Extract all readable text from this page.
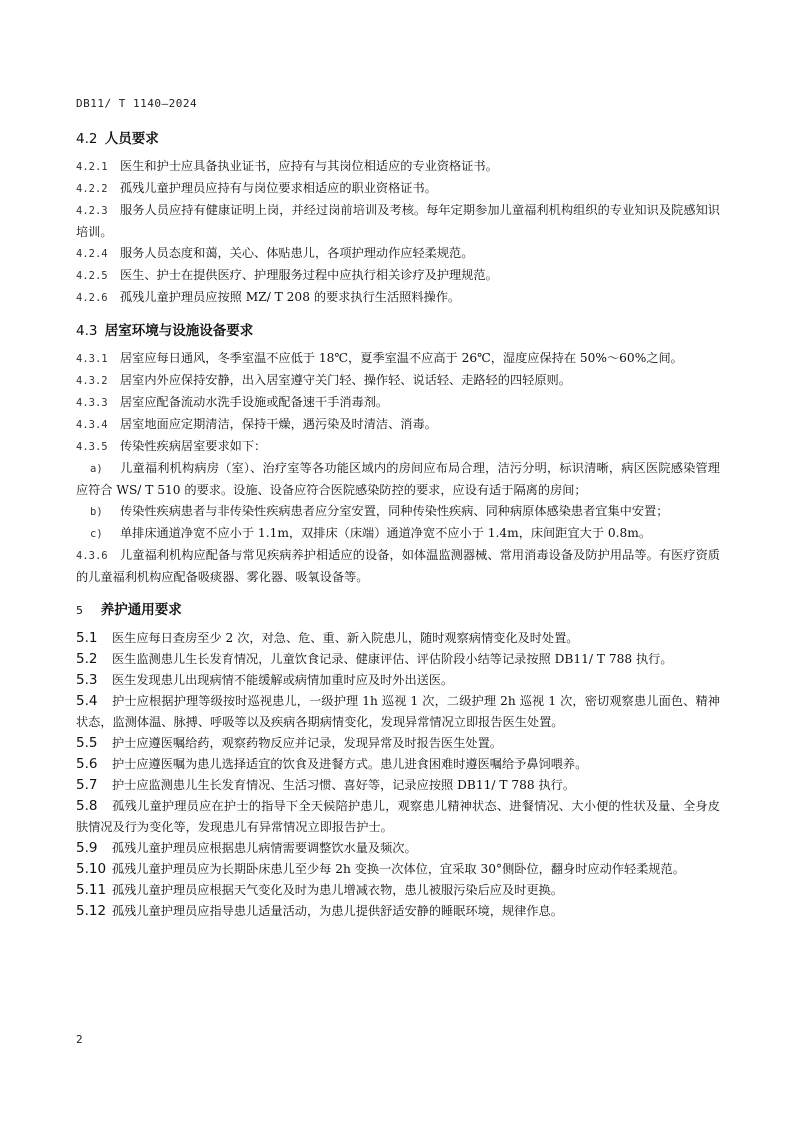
DB11/ T 1140—2024

4.2 人员要求

4.2.1 医生和护士应具备执业证书，应持有与其岗位相适应的专业资格证书。

4.2.2 孤残儿童护理员应持有与岗位要求相适应的职业资格证书。

4.2.3 服务人员应持有健康证明上岗，并经过岗前培训及考核。每年定期参加儿童福利机构组织的专业知识及院感知识培训。

4.2.4 服务人员态度和蔼，关心、体贴患儿，各项护理动作应轻柔规范。

4.2.5 医生、护士在提供医疗、护理服务过程中应执行相关诊疗及护理规范。

4.2.6 孤残儿童护理员应按照 MZ/ T 208 的要求执行生活照料操作。

4.3 居室环境与设施设备要求

4.3.1 居室应每日通风，冬季室温不应低于 18℃，夏季室温不应高于 26℃，湿度应保持在 50%～60%之间。

4.3.2 居室内外应保持安静，出入居室遵守关门轻、操作轻、说话轻、走路轻的四轻原则。

4.3.3 居室应配备流动水洗手设施或配备速干手消毒剂。

4.3.4 居室地面应定期清洁，保持干燥，遇污染及时清洁、消毒。

4.3.5 传染性疾病居室要求如下：

a) 儿童福利机构病房（室）、治疗室等各功能区域内的房间应布局合理，洁污分明，标识清晰，病区医院感染管理应符合 WS/ T 510 的要求。设施、设备应符合医院感染防控的要求，应设有适于隔离的房间；

b) 传染性疾病患者与非传染性疾病患者应分室安置，同种传染性疾病、同种病原体感染患者宜集中安置；

c) 单排床通道净宽不应小于 1.1m，双排床（床端）通道净宽不应小于 1.4m，床间距宜大于 0.8m。

4.3.6 儿童福利机构应配备与常见疾病养护相适应的设备，如体温监测器械、常用消毒设备及防护用品等。有医疗资质的儿童福利机构应配备吸痰器、雾化器、吸氧设备等。

5 养护通用要求

5.1 医生应每日查房至少 2 次，对急、危、重、新入院患儿，随时观察病情变化及时处置。

5.2 医生监测患儿生长发育情况，儿童饮食记录、健康评估、评估阶段小结等记录按照 DB11/ T 788 执行。

5.3 医生发现患儿出现病情不能缓解或病情加重时应及时外出送医。

5.4 护士应根据护理等级按时巡视患儿，一级护理 1h 巡视 1 次，二级护理 2h 巡视 1 次，密切观察患儿面色、精神状态，监测体温、脉搏、呼吸等以及疾病各期病情变化，发现异常情况立即报告医生处置。

5.5 护士应遵医嘱给药，观察药物反应并记录，发现异常及时报告医生处置。

5.6 护士应遵医嘱为患儿选择适宜的饮食及进餐方式。患儿进食困难时遵医嘱给予鼻饲喂养。

5.7 护士应监测患儿生长发育情况、生活习惯、喜好等，记录应按照 DB11/ T 788 执行。

5.8 孤残儿童护理员应在护士的指导下全天候陪护患儿，观察患儿精神状态、进餐情况、大小便的性状及量、全身皮肤情况及行为变化等，发现患儿有异常情况立即报告护士。

5.9 孤残儿童护理员应根据患儿病情需要调整饮水量及频次。

5.10 孤残儿童护理员应为长期卧床患儿至少每 2h 变换一次体位，宜采取 30°侧卧位，翻身时应动作轻柔规范。

5.11 孤残儿童护理员应根据天气变化及时为患儿增减衣物，患儿被服污染后应及时更换。

5.12 孤残儿童护理员应指导患儿适量活动，为患儿提供舒适安静的睡眠环境，规律作息。

2
